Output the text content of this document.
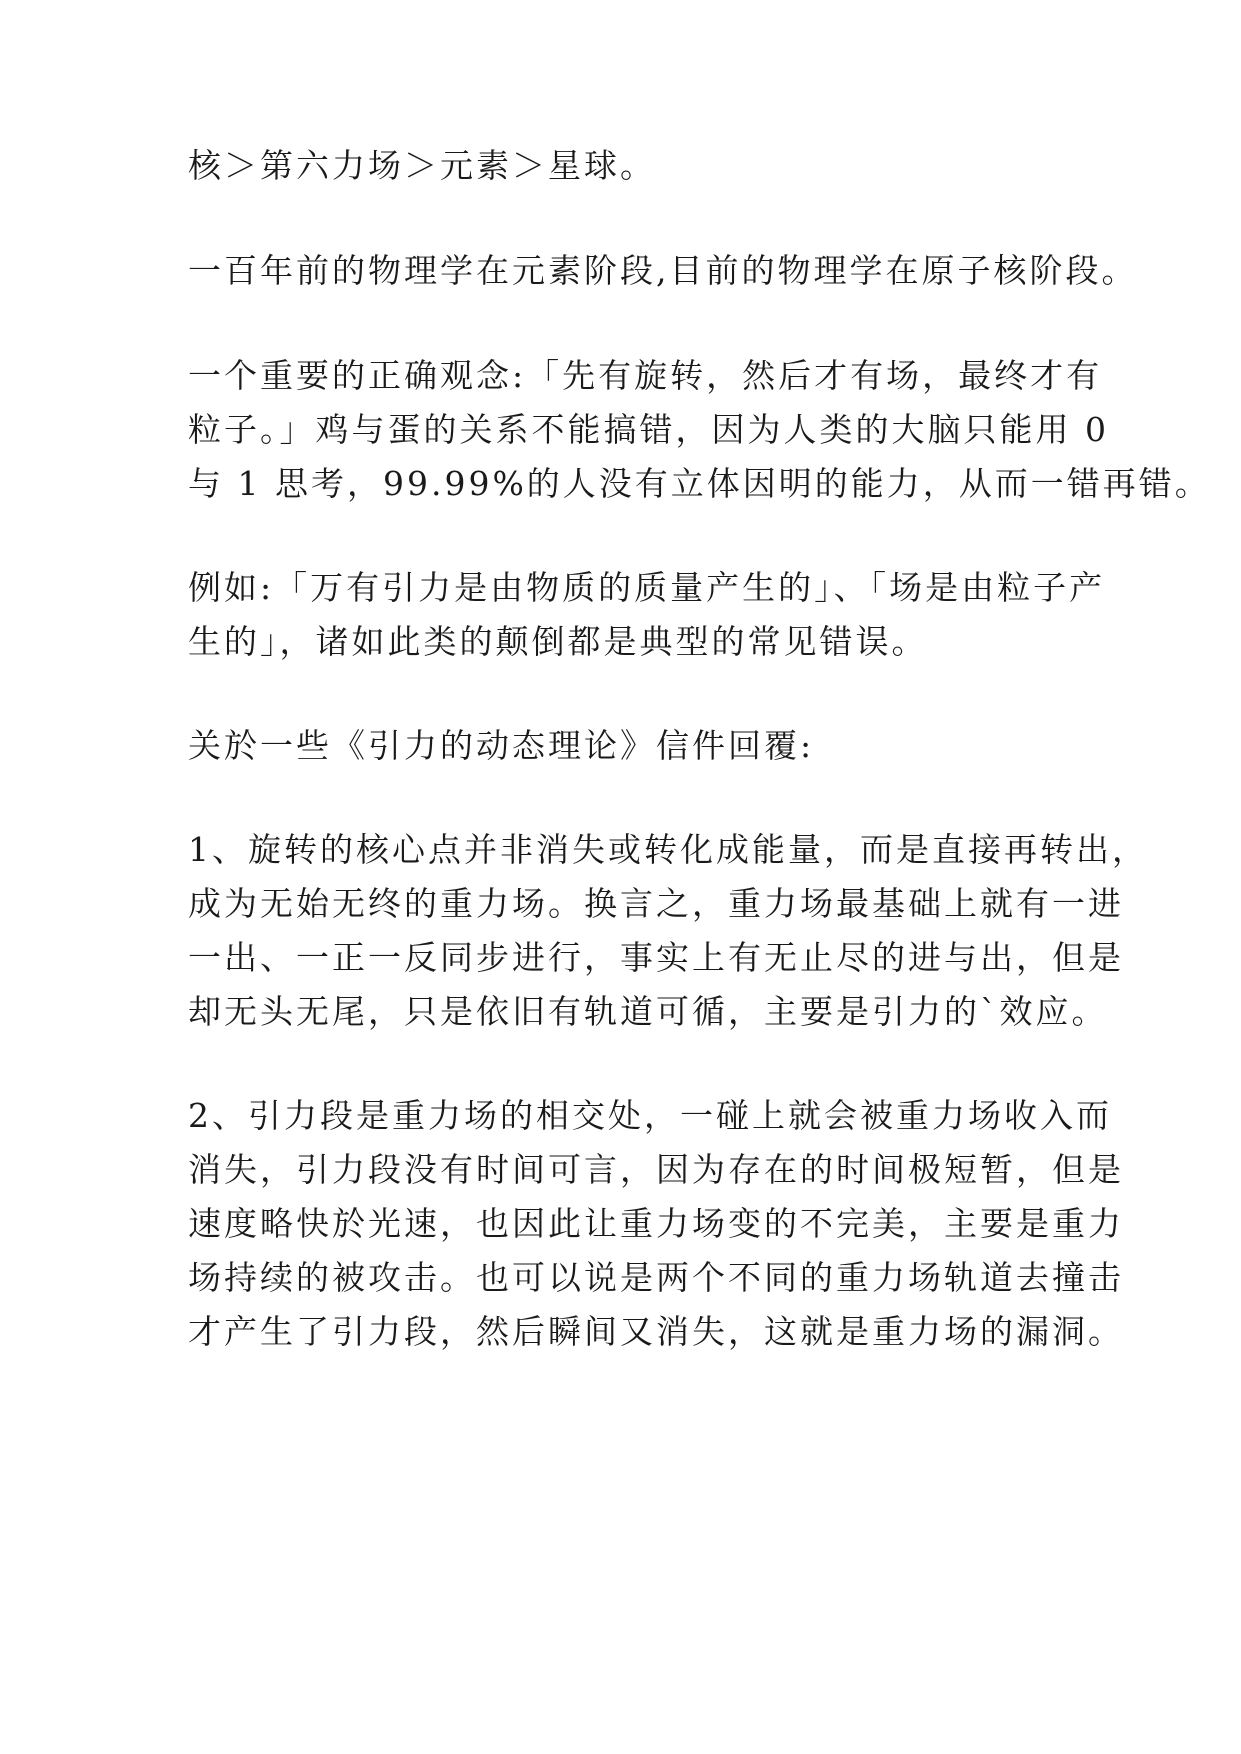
核＞第六力场＞元素＞星球。
一百年前的物理学在元素阶段,目前的物理学在原子核阶段。
一个重要的正确观念:「先有旋转，然后才有场，最终才有
粒子。」鸡与蛋的关系不能搞错，因为人类的大脑只能用 0
与 1 思考，99.99%的人没有立体因明的能力，从而一错再错。
例如:「万有引力是由物质的质量产生的」、「场是由粒子产
生的」，诸如此类的颠倒都是典型的常见错误。
关於一些《引力的动态理论》信件回覆:
1、旋转的核心点并非消失或转化成能量，而是直接再转出，
成为无始无终的重力场。换言之，重力场最基础上就有一进
一出、一正一反同步进行，事实上有无止尽的进与出，但是
却无头无尾，只是依旧有轨道可循，主要是引力的`效应。
2、引力段是重力场的相交处，一碰上就会被重力场收入而
消失，引力段没有时间可言，因为存在的时间极短暂，但是
速度略快於光速，也因此让重力场变的不完美，主要是重力
场持续的被攻击。也可以说是两个不同的重力场轨道去撞击
才产生了引力段，然后瞬间又消失，这就是重力场的漏洞。
